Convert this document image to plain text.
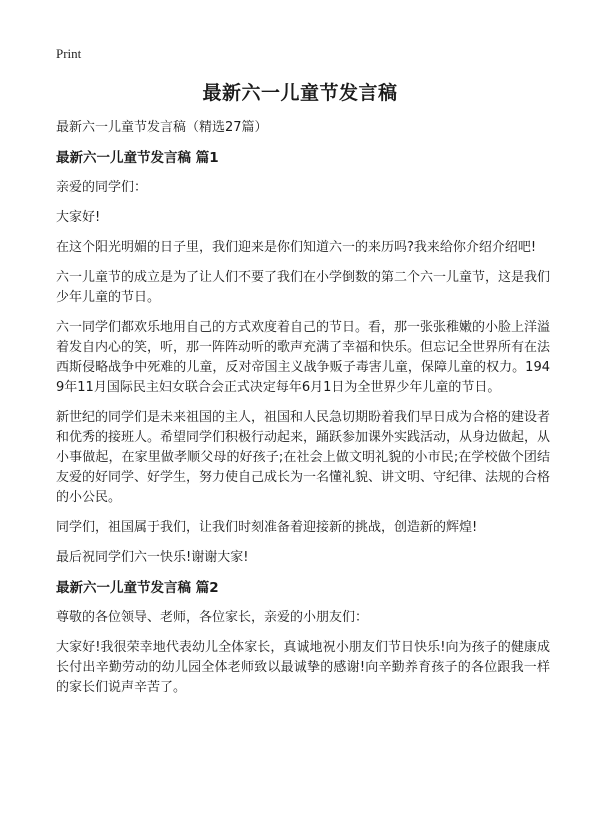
Print
最新六一儿童节发言稿
最新六一儿童节发言稿（精选27篇）
最新六一儿童节发言稿 篇1
亲爱的同学们：
大家好!
在这个阳光明媚的日子里，我们迎来是你们知道六一的来历吗?我来给你介绍介绍吧!
六一儿童节的成立是为了让人们不要了我们在小学倒数的第二个六一儿童节，这是我们少年儿童的节日。
六一同学们都欢乐地用自己的方式欢度着自己的节日。看，那一张张稚嫩的小脸上洋溢着发自内心的笑，听，那一阵阵动听的歌声充满了幸福和快乐。但忘记全世界所有在法西斯侵略战争中死难的儿童，反对帝国主义战争贩子毒害儿童，保障儿童的权力。1949年11月国际民主妇女联合会正式决定每年6月1日为全世界少年儿童的节日。
新世纪的同学们是未来祖国的主人，祖国和人民急切期盼着我们早日成为合格的建设者和优秀的接班人。希望同学们积极行动起来，踊跃参加课外实践活动，从身边做起，从小事做起，在家里做孝顺父母的好孩子;在社会上做文明礼貌的小市民;在学校做个团结友爱的好同学、好学生，努力使自己成长为一名懂礼貌、讲文明、守纪律、法规的合格的小公民。
同学们，祖国属于我们，让我们时刻准备着迎接新的挑战，创造新的辉煌!
最后祝同学们六一快乐!谢谢大家!
最新六一儿童节发言稿 篇2
尊敬的各位领导、老师，各位家长，亲爱的小朋友们：
大家好!我很荣幸地代表幼儿全体家长，真诚地祝小朋友们节日快乐!向为孩子的健康成长付出辛勤劳动的幼儿园全体老师致以最诚挚的感谢!向辛勤养育孩子的各位跟我一样的家长们说声辛苦了。
